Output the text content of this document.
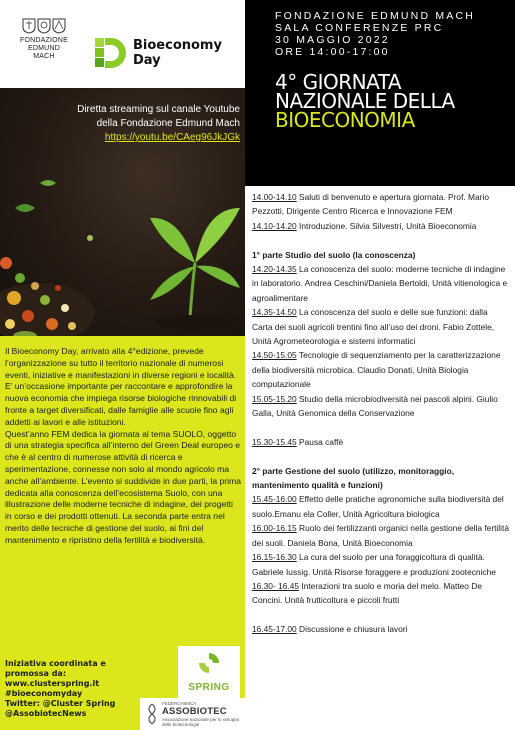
FONDAZIONE
EDMUND MACH
Bioeconomy
Day
FONDAZIONE EDMUND MACH
SALA CONFERENZE PRC
30 MAGGIO 2022
ORE 14:00-17:00
4° GIORNATA
NAZIONALE DELLA
BIOECONOMIA
Diretta streaming sul canale Youtube
della Fondazione Edmund Mach
https://youtu.be/CAeg96JkJGk

Il Bioeconomy Day, arrivato alla 4°edizione, prevede l’organizzazione su tutto il territorio nazionale di numerosi eventi, iniziative e manifestazioni in diverse regioni e località. E’ un’occasione importante per raccontare e approfondire la nuova economia che impiega risorse biologiche rinnovabili di fronte a target diversificati, dalle famiglie alle scuole fino agli addetti ai lavori e alle istituzioni.

Quest’anno FEM dedica la giornata al tema SUOLO, oggetto di una strategia specifica all’interno del Green Deal europeo e che è al centro di numerose attività di ricerca e sperimentazione, connesse non solo al mondo agricolo ma anche all’ambiente. L’evento si suddivide in due parti, la prima dedicata alla conoscenza dell’ecosistema Suolo, con una illustrazione delle moderne tecniche di indagine, dei progetti in corso e dei prodotti ottenuti. La seconda parte entra nel merito delle tecniche di gestione del suolo, ai fini del mantenimento e ripristino della fertilità e biodiversità.

Iniziativa coordinata e
promossa da:
www.clusterspring.it
#bioeconomyday
Twitter: @Cluster Spring
@AssobiotecNews
SPRING
FEDERCHIMICA
ASSOBIOTEC
Associazione nazionale per lo sviluppo delle biotecnologie

14.00-14.10 Saluti di benvenuto e apertura giornata. Prof. Mario Pezzotti, Dirigente Centro Ricerca e Innovazione FEM

14.10-14.20 Introduzione. Silvia Silvestri, Unità Bioeconomia

1° parte Studio del suolo (la conoscenza)

14.20-14.35 La conoscenza del suolo: moderne tecniche di indagine in laboratorio. Andrea Ceschini/Daniela Bertoldi, Unità vitienologica e agroalimentare

14.35-14.50 La conoscenza del suolo e delle sue funzioni: dalla Carta dei suoli agricoli trentini fino all’uso dei droni. Fabio Zottele, Unità Agrometeorologia e sistemi informatici

14.50-15.05 Tecnologie di sequenziamento per la caratterizzazione della biodiversità microbica. Claudio Donati, Unità Biologia computazionale

15.05-15.20 Studio della microbiodiversità nei pascoli alpini. Giulio Galla, Unità Genomica della Conservazione

15.30-15.45 Pausa caffè

2° parte Gestione del suolo (utilizzo, monitoraggio, mantenimento qualità e funzioni)

15.45-16.00 Effetto delle pratiche agronomiche sulla biodiversità del suolo.Emanu ela Coller, Unità Agricoltura biologica

16.00-16.15 Ruolo dei fertilizzanti organici nella gestione della fertilità dei suoli. Daniela Bona, Unità Bioeconomia

16.15-16.30 La cura del suolo per una foraggicoltura di qualità. Gabriele Iussig. Unità Risorse foraggere e produzioni zootecniche

16.30- 16.45 Interazioni tra suolo e moria del melo. Matteo De Concini. Unità frutticoltura e piccoli frutti

16.45-17.00 Discussione e chiusura lavori
